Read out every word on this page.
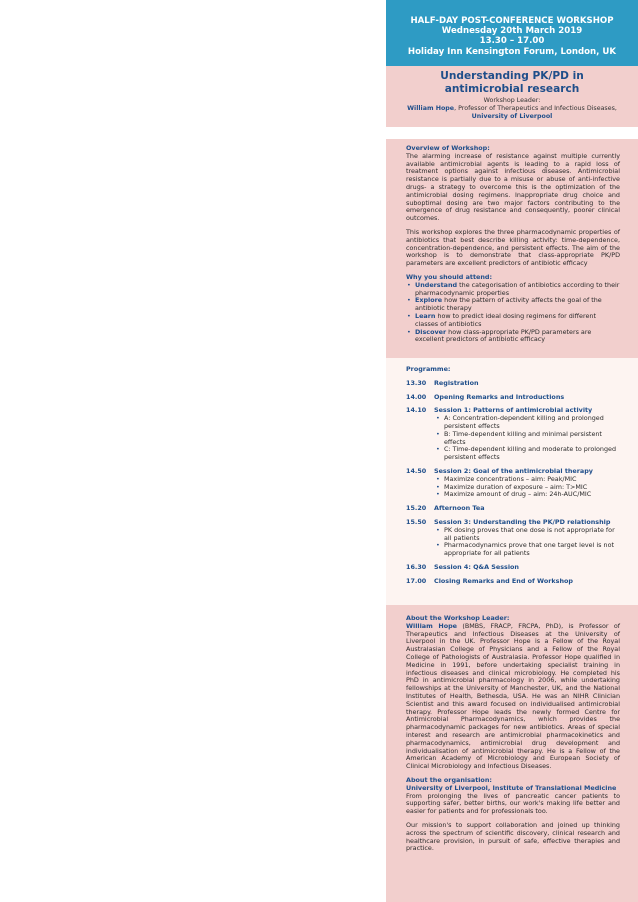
HALF-DAY POST-CONFERENCE WORKSHOP
Wednesday 20th March 2019
13.30 – 17.00
Holiday Inn Kensington Forum, London, UK
Understanding PK/PD in
antimicrobial research
Workshop Leader:
William Hope, Professor of Therapeutics and Infectious Diseases, University of Liverpool
Overview of Workshop:

The alarming increase of resistance against multiple currently available antimicrobial agents is leading to a rapid loss of treatment options against infectious diseases. Antimicrobial resistance is partially due to a misuse or abuse of anti-infective drugs- a strategy to overcome this is the optimization of the antimicrobial dosing regimens. Inappropriate drug choice and suboptimal dosing are two major factors contributing to the emergence of drug resistance and consequently, poorer clinical outcomes.

This workshop explores the three pharmacodynamic properties of antibiotics that best describe killing activity: time-dependence, concentration-dependence, and persistent effects. The aim of the workshop is to demonstrate that class-appropriate PK/PD parameters are excellent predictors of antibiotic efficacy

Why you should attend:
• Understand the categorisation of antibiotics according to their pharmacodynamic properties
• Explore how the pattern of activity affects the goal of the antibiotic therapy
• Learn how to predict ideal dosing regimens for different classes of antibiotics
• Discover how class-appropriate PK/PD parameters are excellent predictors of antibiotic efficacy
Programme:
13.30	Registration
14.00	Opening Remarks and Introductions
14.10	Session 1: Patterns of antimicrobial activity
• A: Concentration-dependent killing and prolonged persistent effects
• B: Time-dependent killing and minimal persistent effects
• C: Time-dependent killing and moderate to prolonged persistent effects
14.50	Session 2: Goal of the antimicrobial therapy
• Maximize concentrations – aim: Peak/MIC
• Maximize duration of exposure – aim: T>MIC
• Maximize amount of drug – aim: 24h-AUC/MIC
15.20	Afternoon Tea
15.50	Session 3: Understanding the PK/PD relationship
• PK dosing proves that one dose is not appropriate for all patients
• Pharmacodynamics prove that one target level is not appropriate for all patients
16.30	Session 4: Q&A Session
17.00	Closing Remarks and End of Workshop
About the Workshop Leader:

William Hope (BMBS, FRACP, FRCPA, PhD), is Professor of Therapeutics and Infectious Diseases at the University of Liverpool in the UK. Professor Hope is a Fellow of the Royal Australasian College of Physicians and a Fellow of the Royal College of Pathologists of Australasia. Professor Hope qualified in Medicine in 1991, before undertaking specialist training in infectious diseases and clinical microbiology. He completed his PhD in antimicrobial pharmacology in 2006, while undertaking fellowships at the University of Manchester, UK, and the National Institutes of Health, Bethesda, USA. He was an NIHR Clinician Scientist and this award focused on individualised antimicrobial therapy. Professor Hope leads the newly formed Centre for Antimicrobial Pharmacodynamics, which provides the pharmacodynamic packages for new antibiotics. Areas of special interest and research are antimicrobial pharmacokinetics and pharmacodynamics, antimicrobial drug development and individualisation of antimicrobial therapy. He is a Fellow of the American Academy of Microbiology and European Society of Clinical Microbiology and Infectious Diseases.

About the organisation:
University of Liverpool, Institute of Translational Medicine

From prolonging the lives of pancreatic cancer patients to supporting safer, better births, our work's making life better and easier for patients and for professionals too.

Our mission's to support collaboration and joined up thinking across the spectrum of scientific discovery, clinical research and healthcare provision, in pursuit of safe, effective therapies and practice.
